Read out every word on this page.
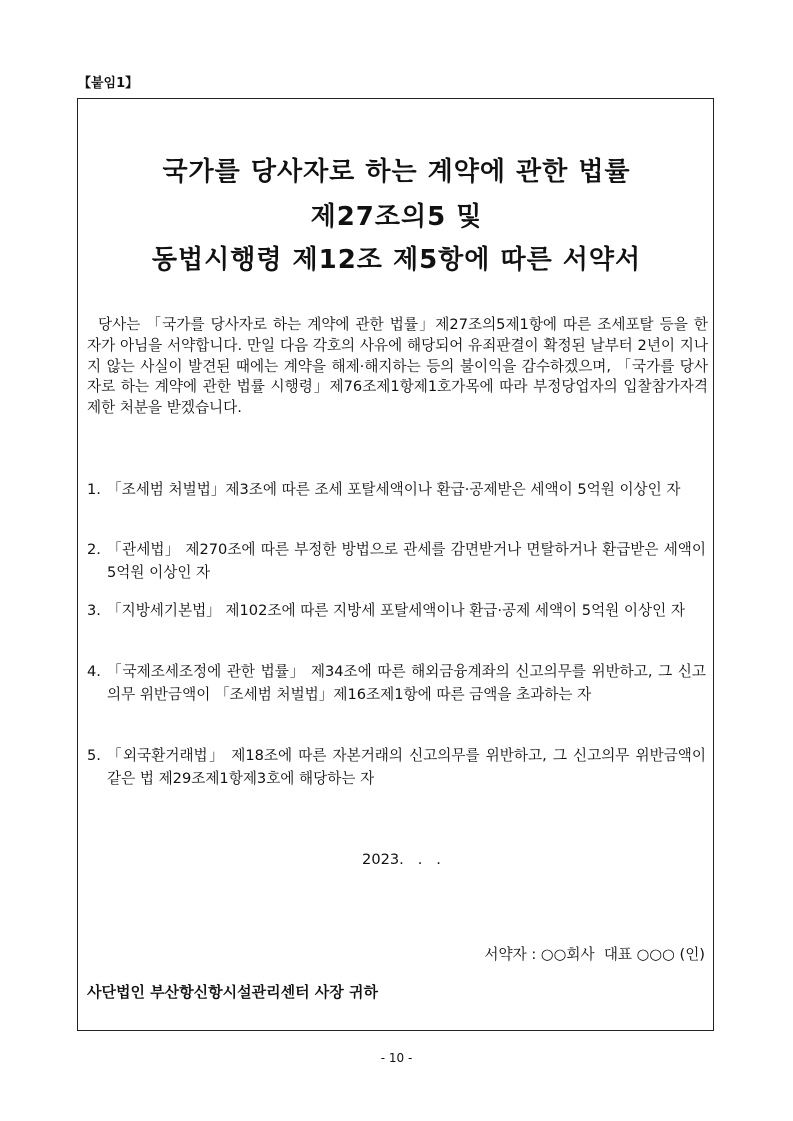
【붙임1】
국가를 당사자로 하는 계약에 관한 법률
제27조의5 및
동법시행령 제12조 제5항에 따른 서약서

당사는 「국가를 당사자로 하는 계약에 관한 법률」제27조의5제1항에 따른 조세포탈 등을 한 자가 아님을 서약합니다. 만일 다음 각호의 사유에 해당되어 유죄판결이 확정된 날부터 2년이 지나지 않는 사실이 발견된 때에는 계약을 해제·해지하는 등의 불이익을 감수하겠으며, 「국가를 당사자로 하는 계약에 관한 법률 시행령」제76조제1항제1호가목에 따라 부정당업자의 입찰참가자격제한 처분을 받겠습니다.

1. 「조세범 처벌법」제3조에 따른 조세 포탈세액이나 환급·공제받은 세액이 5억원 이상인 자
2. 「관세법」 제270조에 따른 부정한 방법으로 관세를 감면받거나 면탈하거나 환급받은 세액이 5억원 이상인 자
3. 「지방세기본법」 제102조에 따른 지방세 포탈세액이나 환급·공제 세액이 5억원 이상인 자
4. 「국제조세조정에 관한 법률」 제34조에 따른 해외금융계좌의 신고의무를 위반하고, 그 신고의무 위반금액이 「조세범 처벌법」제16조제1항에 따른 금액을 초과하는 자
5. 「외국환거래법」 제18조에 따른 자본거래의 신고의무를 위반하고, 그 신고의무 위반금액이 같은 법 제29조제1항제3호에 해당하는 자
2023.   .   .
서약자 : ○○회사  대표 ○○○ (인)
사단법인 부산항신항시설관리센터 사장 귀하
- 10 -
